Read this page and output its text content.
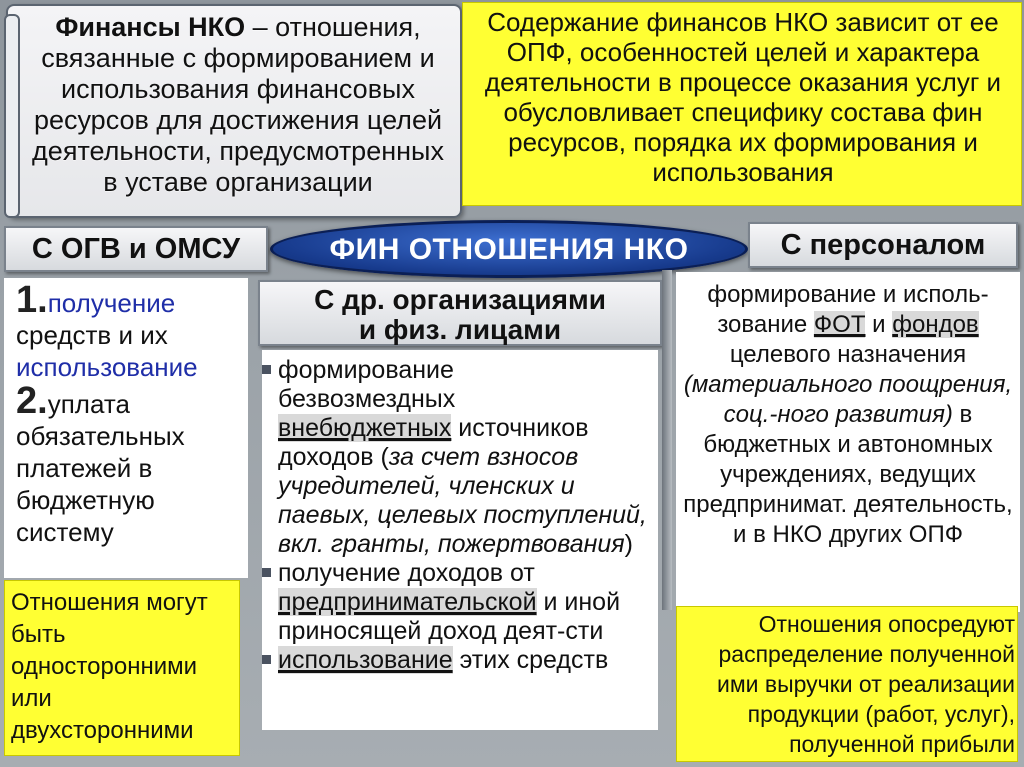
Финансы НКО – отношения, связанные с формированием и использования финансовых ресурсов для достижения целей деятельности, предусмотренных в уставе организации
Содержание финансов НКО зависит от ее ОПФ, особенностей целей и характера деятельности в процессе оказания услуг и обусловливает специфику состава фин ресурсов, порядка их формирования и использования
ФИН ОТНОШЕНИЯ НКО
С ОГВ и ОМСУ	С персоналом
1.получение
средств и их
использование
2.уплата
обязательных
платежей в
бюджетную
систему
С др. организациями
и физ. лицами
формирование
безвозмездных
внебюджетных источников
доходов (за счет взносов учредителей, членских и паевых, целевых поступлений, вкл. гранты, пожертвования)
получение доходов от
предпринимательской и иной приносящей доход деят-сти
использование этих средств
формирование и исполь-зование ФОТ и фондов целевого назначения (материального поощрения, соц.-ного развития) в бюджетных и автономных учреждениях, ведущих предпринимат. деятельность, и в НКО других ОПФ
Отношения могут быть односторонними или двухсторонними
Отношения опосредуют распределение полученной ими выручки от реализации продукции (работ, услуг), полученной прибыли
